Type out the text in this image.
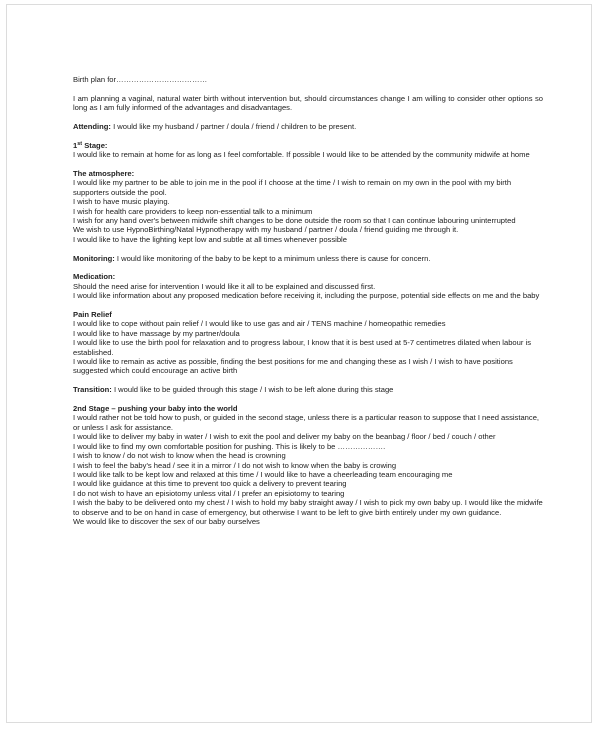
Birth plan for………………………………

I am planning a vaginal, natural water birth without intervention but, should circumstances change I am willing to consider other options so long as I am fully informed of the advantages and disadvantages.

Attending: I would like my husband / partner / doula / friend / children to be present.

1st Stage:

I would like to remain at home for as long as I feel comfortable. If possible I would like to be attended by the community midwife at home

The atmosphere:

I would like my partner to be able to join me in the pool if I choose at the time / I wish to remain on my own in the pool with my birth supporters outside the pool.

I wish to have music playing.

I wish for health care providers to keep non-essential talk to a minimum

I wish for any hand over's between midwife shift changes to be done outside the room so that I can continue labouring uninterrupted

We wish to use HypnoBirthing/Natal Hypnotherapy with my husband / partner / doula / friend guiding me through it.

I would like to have the lighting kept low and subtle at all times whenever possible

Monitoring: I would like monitoring of the baby to be kept to a minimum unless there is cause for concern.

Medication:

Should the need arise for intervention I would like it all to be explained and discussed first.

I would like information about any proposed medication before receiving it, including the purpose, potential side effects on me and the baby

Pain Relief

I would like to cope without pain relief / I would like to use gas and air / TENS machine / homeopathic remedies

I would like to have massage by my partner/doula

I would like to use the birth pool for relaxation and to progress labour, I know that it is best used at 5-7 centimetres dilated when labour is established.

I would like to remain as active as possible, finding the best positions for me and changing these as I wish / I wish to have positions suggested which could encourage an active birth

Transition: I would like to be guided through this stage / I wish to be left alone during this stage

2nd Stage – pushing your baby into the world

I would rather not be told how to push, or guided in the second stage, unless there is a particular reason to suppose that I need assistance, or unless I ask for assistance.

I would like to deliver my baby in water / I wish to exit the pool and deliver my baby on the beanbag / floor / bed / couch / other

I would like to find my own comfortable position for pushing. This is likely to be ……………….

I wish to know / do not wish to know when the head is crowning

I wish to feel the baby's head / see it in a mirror / I do not wish to know when the baby is crowing

I would like talk to be kept low and relaxed at this time / I would like to have a cheerleading team encouraging me

I would like guidance at this time to prevent too quick a delivery to prevent tearing

I do not wish to have an episiotomy unless vital / I prefer an episiotomy to tearing

I wish the baby to be delivered onto my chest / I wish to hold my baby straight away / I wish to pick my own baby up. I would like the midwife to observe and to be on hand in case of emergency, but otherwise I want to be left to give birth entirely under my own guidance.

We would like to discover the sex of our baby ourselves
